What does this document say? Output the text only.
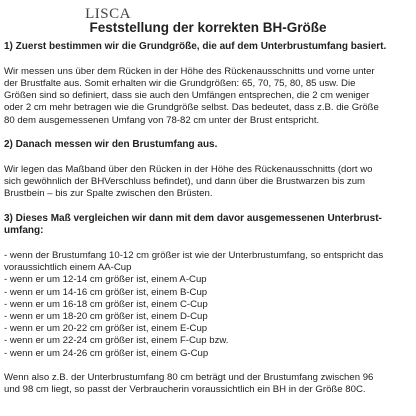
LISCA
Feststellung der korrekten BH-Größe

1) Zuerst bestimmen wir die Grundgröße, die auf dem Unterbrustumfang basiert.

Wir messen uns über dem Rücken in der Höhe des Rückenausschnitts und vorne unter

der Brustfalte aus. Somit erhalten wir die Grundgrößen: 65, 70, 75, 80, 85 usw. Die

Größen sind so definiert, dass sie auch den Umfängen entsprechen, die 2 cm weniger

oder 2 cm mehr betragen wie die Grundgröße selbst. Das bedeutet, dass z.B. die Größe

80 dem ausgemessenen Umfang von 78-82 cm unter der Brust entspricht.

2) Danach messen wir den Brustumfang aus.

Wir legen das Maßband über den Rücken in der Höhe des Rückenausschnitts (dort wo

sich gewöhnlich der BHVerschluss befindet), und dann über die Brustwarzen bis zum

Brustbein – bis zur Spalte zwischen den Brüsten.

3) Dieses Maß vergleichen wir dann mit dem davor ausgemessenen Unterbrust-

umfang:

- wenn der Brustumfang 10-12 cm größer ist wie der Unterbrustumfang, so entspricht das

voraussichtlich einem AA-Cup

- wenn er um 12-14 cm größer ist, einem A-Cup

- wenn er um 14-16 cm größer ist, einem B-Cup

- wenn er um 16-18 cm größer ist, einem C-Cup

- wenn er um 18-20 cm größer ist, einem D-Cup

- wenn er um 20-22 cm größer ist, einem E-Cup

- wenn er um 22-24 cm größer ist, einem F-Cup bzw.

- wenn er um 24-26 cm größer ist, einem G-Cup

Wenn also z.B. der Unterbrustumfang 80 cm beträgt und der Brustumfang zwischen 96

und 98 cm liegt, so passt der Verbraucherin voraussichtlich ein BH in der Größe 80C.
